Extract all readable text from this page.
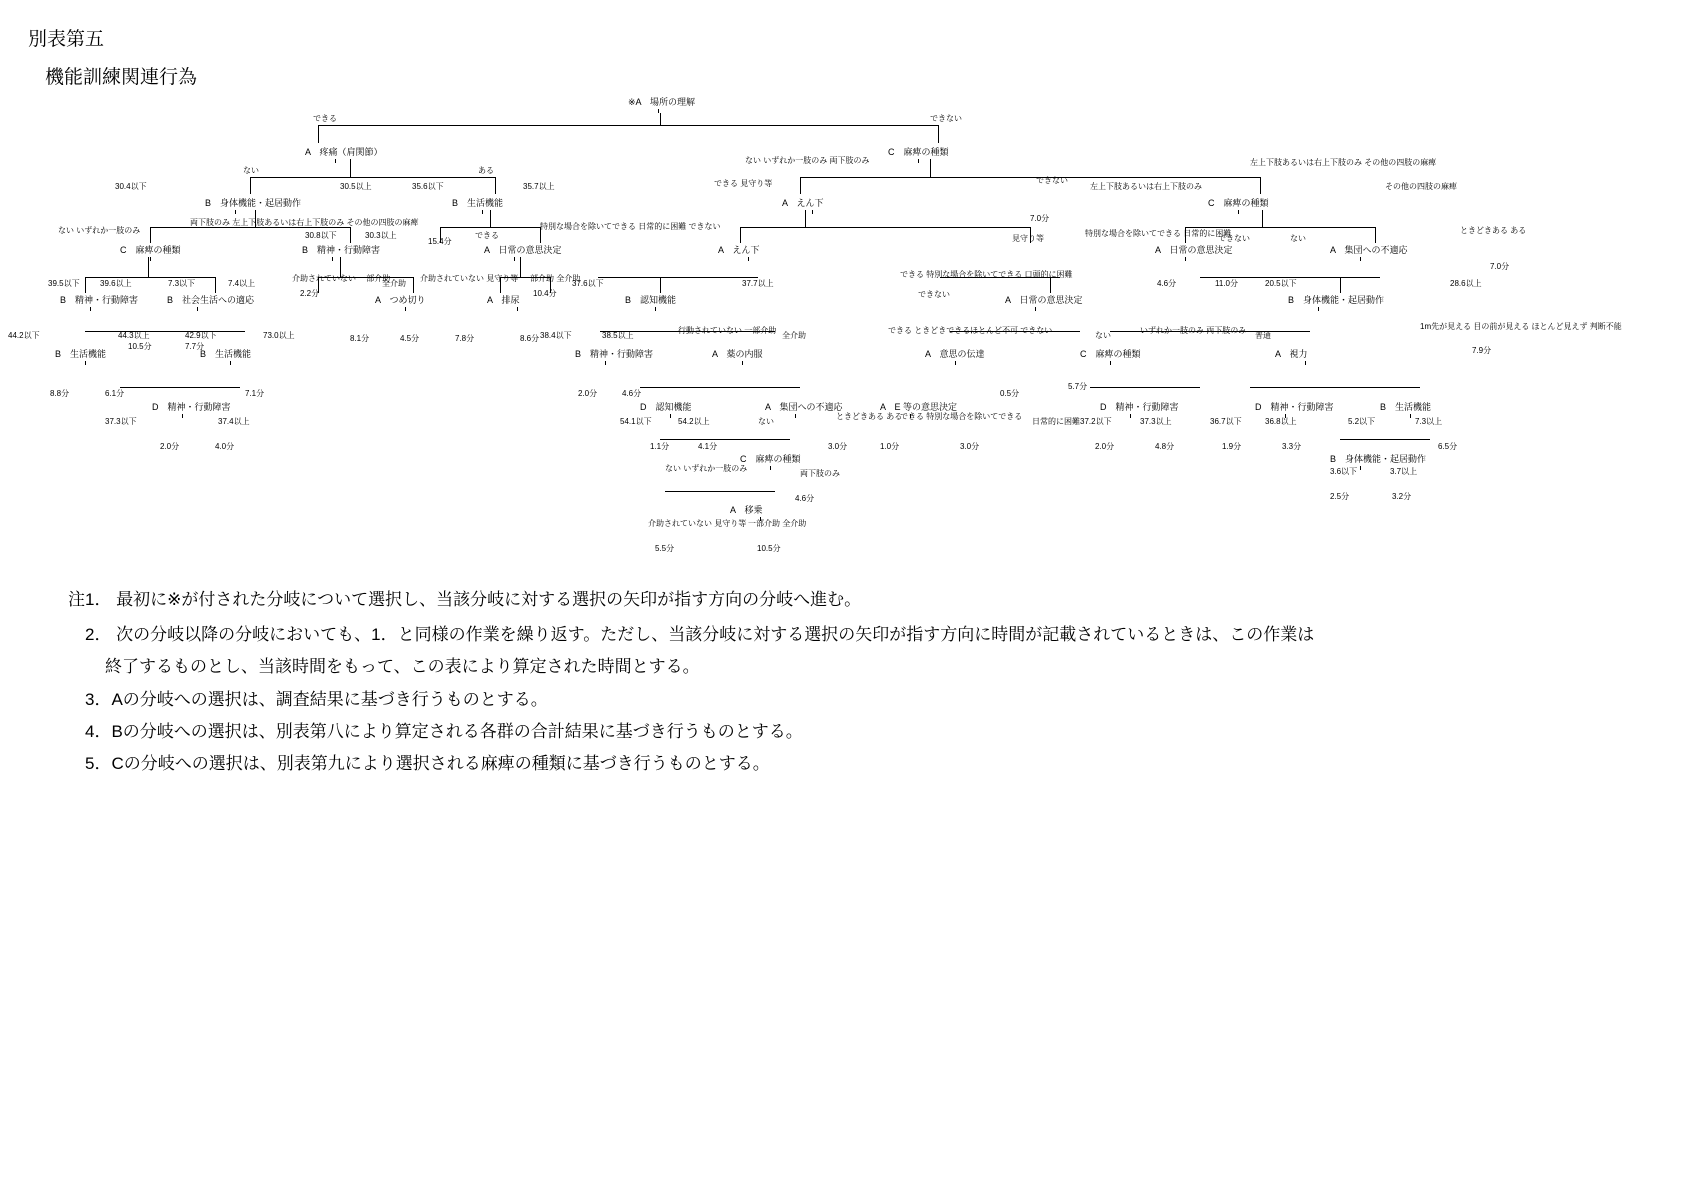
別表第五
機能訓練関連行為
※A　場所の理解
A　疼痛（肩関節）	C　麻痺の種類
B　身体機能・起居動作	B　生活機能	A　えん下	C　麻痺の種類
C　麻痺の種類	B　精神・行動障害	A　日常の意思決定	A　えん下	A　日常の意思決定	A　集団への不適応
B　精神・行動障害	B　社会生活への適応	A　つめ切り	A　排尿	B　認知機能	A　日常の意思決定	B　身体機能・起居動作
B　生活機能	B　生活機能	B　精神・行動障害	A　薬の内服	A　意思の伝達	C　麻痺の種類	A　視力
D　精神・行動障害	D　認知機能	A　集団への不適応	A　E 等の意思決定	D　精神・行動障害	D　精神・行動障害	B　生活機能
C　麻痺の種類	B　身体機能・起居動作
A　移乗
できる	できない
ない	ある
ない いずれか一肢のみ 両下肢のみ	左上下肢あるいは右上下肢のみ その他の四肢の麻痺
30.4以下	30.5以上	35.6以下	35.7以上	できる 見守り等	できない
左上下肢あるいは右上下肢のみ	その他の四肢の麻痺
ない いずれか一肢のみ
両下肢のみ 左上下肢あるいは右上下肢のみ その他の四肢の麻痺
30.8以下	30.3以上	できる
特別な場合を除いてできる 日常的に困難 できない
7.0分
見守り等
特別な場合を除いてできる 日常的に困難
できない	ない
ときどきある ある
39.5以下	39.6以上	7.3以下	7.4以上
介助されていない 一部介助
全介助
介助されていない 見守り等 一部介助 全介助
37.6以下	37.7以上
できる 特別な場合を除いてできる 口頭的に困難
できない
4.6分	11.0分	20.5以下	28.6以上
7.0分
44.2以下	44.3以上	42.9以下	73.0以上	8.1分	4.5分	7.8分	8.6分 38.4以下	38.5以上
行動されていない 一部介助
全介助
できる ときどきできる ほとんど不可 できない
ない
いずれか一肢のみ 両下肢のみ
普通
1m先が見える 目の前が見える ほとんど見えず 判断不能
7.9分
8.8分	6.1分	7.1分	2.0分	4.6分	0.5分
5.7分
37.2以下	37.3以上	36.7以下	36.8以上	5.2以下	7.3以上
37.3以下	37.4以上	54.1以下	54.2以上	ない
ときどきある ある
できる 特別な場合を除いてできる
日常的に困難
2.0分	4.0分	1.1分	4.1分	3.0分	1.0分	3.0分	2.0分	4.8分	1.9分	3.3分	6.5分
ない いずれか一肢のみ
両下肢のみ
4.6分
3.6以下	3.7以上
2.5分	3.2分
介助されていない 見守り等 一部介助 全介助
5.5分	10.5分
15.4分
10.4分
2.2分
10.5分	7.7分
注1． 最初に※が付された分岐について選択し、当該分岐に対する選択の矢印が指す方向の分岐へ進む。
2． 次の分岐以降の分岐においても、1．と同様の作業を繰り返す。ただし、当該分岐に対する選択の矢印が指す方向に時間が記載されているときは、この作業は
終了するものとし、当該時間をもって、この表により算定された時間とする。
3．Aの分岐への選択は、調査結果に基づき行うものとする。
4．Bの分岐への選択は、別表第八により算定される各群の合計結果に基づき行うものとする。
5．Cの分岐への選択は、別表第九により選択される麻痺の種類に基づき行うものとする。
